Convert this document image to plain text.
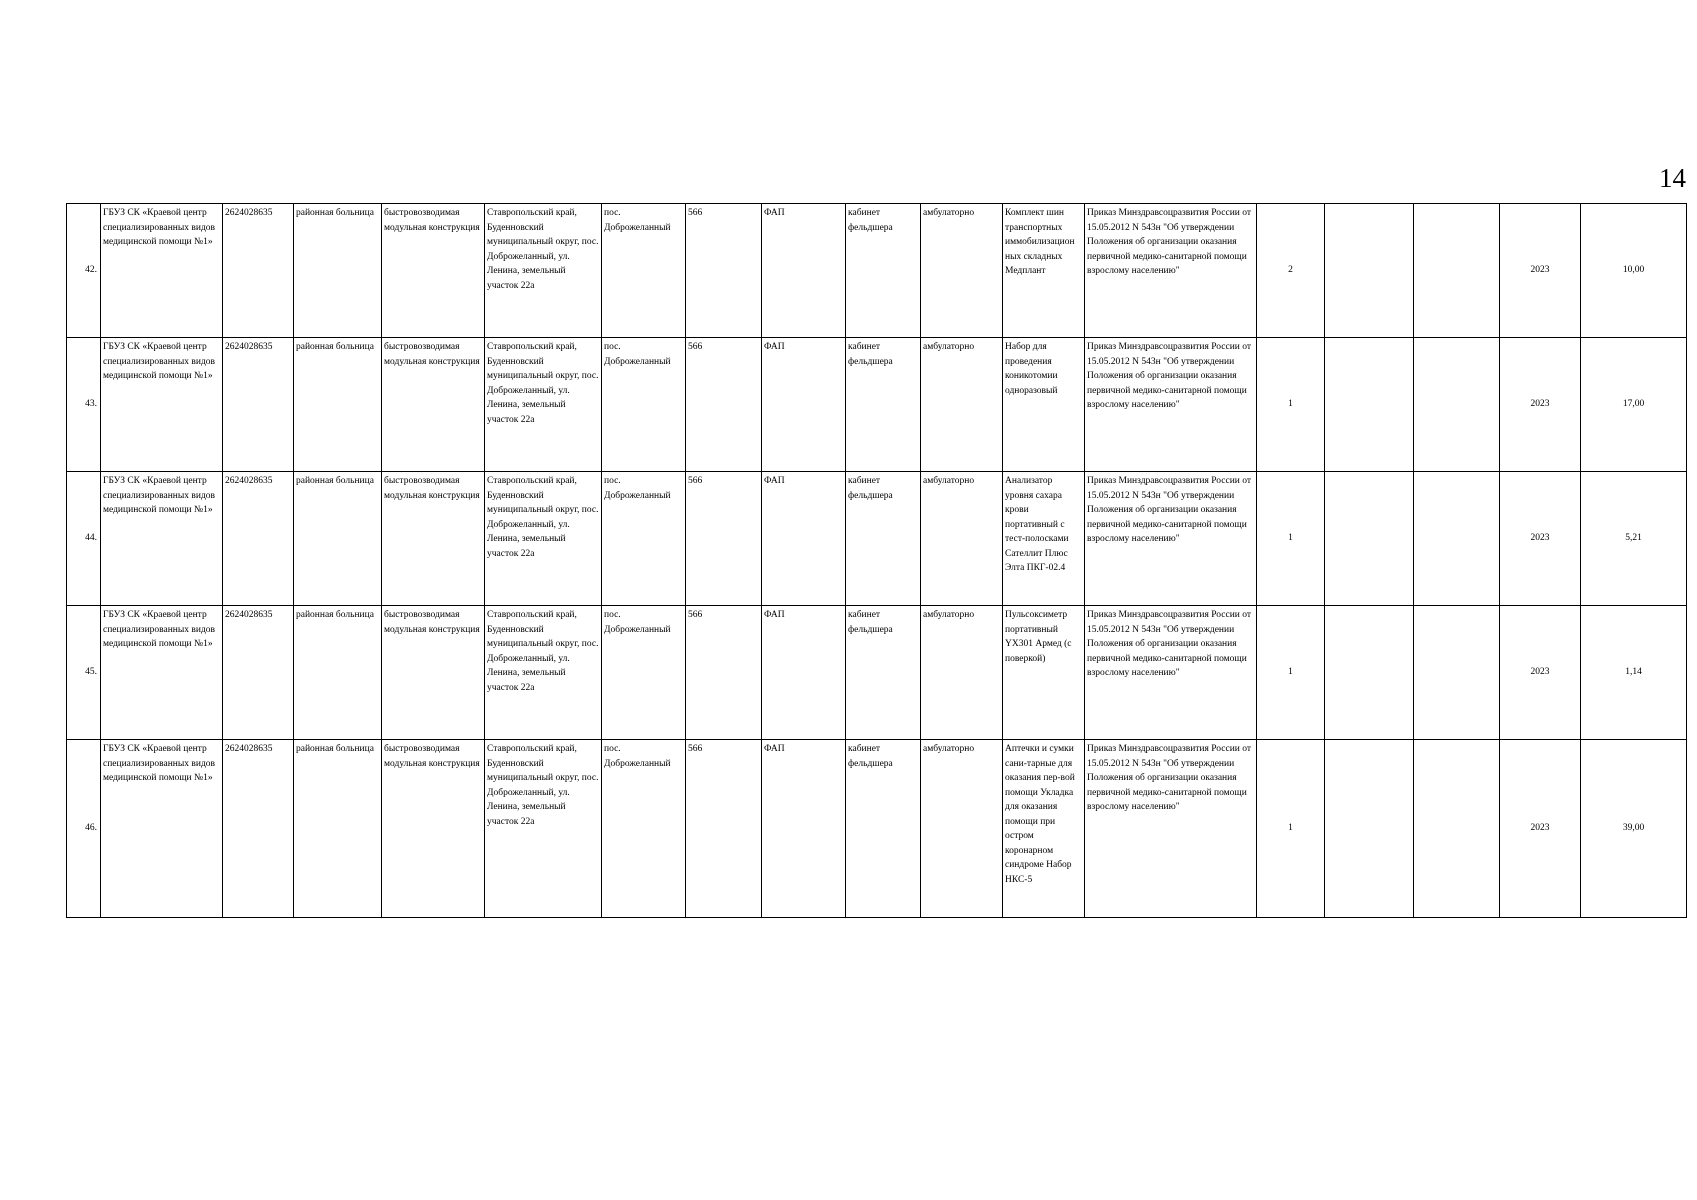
14
42.	ГБУЗ СК «Краевой центр специализированных видов медицинской помощи №1»	2624028635	районная больница	быстровозводимая модульная конструкция	Ставропольский край, Буденновский муниципальный округ, пос. Доброжеланный, ул. Ленина, земельный участок 22а	пос. Доброжеланный	566	ФАП	кабинет фельдшера	амбулаторно	Комплект шин транспортных иммобилизацион ных складных Медплант	Приказ Минздравсоцразвития России от 15.05.2012 N 543н "Об утверждении Положения об организации оказания первичной медико-санитарной помощи взрослому населению"	2			2023	10,00
43.	ГБУЗ СК «Краевой центр специализированных видов медицинской помощи №1»	2624028635	районная больница	быстровозводимая модульная конструкция	Ставропольский край, Буденновский муниципальный округ, пос. Доброжеланный, ул. Ленина, земельный участок 22а	пос. Доброжеланный	566	ФАП	кабинет фельдшера	амбулаторно	Набор для проведения коникотомии одноразовый	Приказ Минздравсоцразвития России от 15.05.2012 N 543н "Об утверждении Положения об организации оказания первичной медико-санитарной помощи взрослому населению"	1			2023	17,00
44.	ГБУЗ СК «Краевой центр специализированных видов медицинской помощи №1»	2624028635	районная больница	быстровозводимая модульная конструкция	Ставропольский край, Буденновский муниципальный округ, пос. Доброжеланный, ул. Ленина, земельный участок 22а	пос. Доброжеланный	566	ФАП	кабинет фельдшера	амбулаторно	Анализатор уровня сахара крови портативный с тест-полосками Сателлит Плюс Элта ПКГ-02.4	Приказ Минздравсоцразвития России от 15.05.2012 N 543н "Об утверждении Положения об организации оказания первичной медико-санитарной помощи взрослому населению"	1			2023	5,21
45.	ГБУЗ СК «Краевой центр специализированных видов медицинской помощи №1»	2624028635	районная больница	быстровозводимая модульная конструкция	Ставропольский край, Буденновский муниципальный округ, пос. Доброжеланный, ул. Ленина, земельный участок 22а	пос. Доброжеланный	566	ФАП	кабинет фельдшера	амбулаторно	Пульсоксиметр портативный YX301 Армед (с поверкой)	Приказ Минздравсоцразвития России от 15.05.2012 N 543н "Об утверждении Положения об организации оказания первичной медико-санитарной помощи взрослому населению"	1			2023	1,14
46.	ГБУЗ СК «Краевой центр специализированных видов медицинской помощи №1»	2624028635	районная больница	быстровозводимая модульная конструкция	Ставропольский край, Буденновский муниципальный округ, пос. Доброжеланный, ул. Ленина, земельный участок 22а	пос. Доброжеланный	566	ФАП	кабинет фельдшера	амбулаторно	Аптечки и сумки сани-тарные для оказания пер-вой помощи Укладка для оказания помощи при остром коронарном синдроме Набор НКС-5	Приказ Минздравсоцразвития России от 15.05.2012 N 543н "Об утверждении Положения об организации оказания первичной медико-санитарной помощи взрослому населению"	1			2023	39,00
